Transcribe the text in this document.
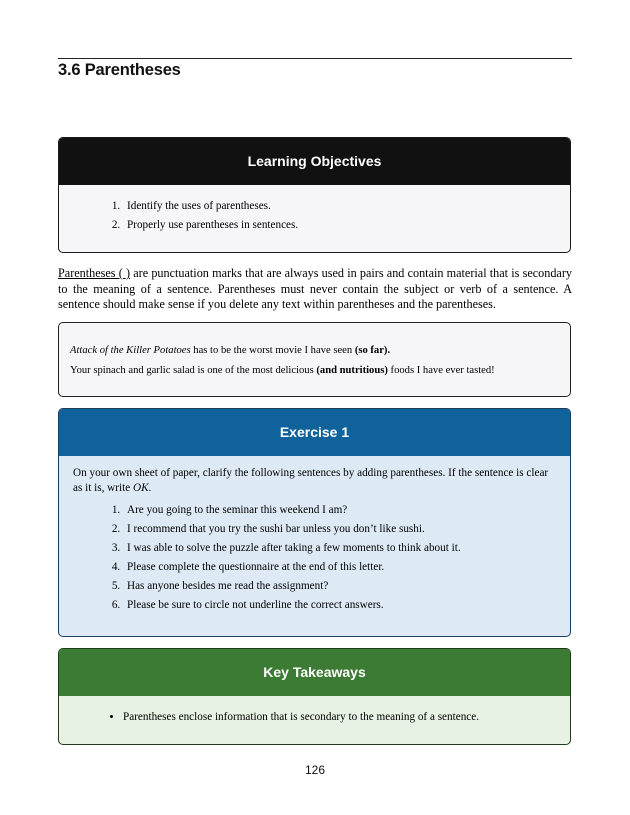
3.6 Parentheses
Learning Objectives
1. Identify the uses of parentheses.
2. Properly use parentheses in sentences.
Parentheses ( ) are punctuation marks that are always used in pairs and contain material that is secondary to the meaning of a sentence. Parentheses must never contain the subject or verb of a sentence. A sentence should make sense if you delete any text within parentheses and the parentheses.

Attack of the Killer Potatoes has to be the worst movie I have seen (so far).

Your spinach and garlic salad is one of the most delicious (and nutritious) foods I have ever tasted!

Exercise 1

On your own sheet of paper, clarify the following sentences by adding parentheses. If the sentence is clear as it is, write OK.

1. Are you going to the seminar this weekend I am?
2. I recommend that you try the sushi bar unless you don’t like sushi.
3. I was able to solve the puzzle after taking a few moments to think about it.
4. Please complete the questionnaire at the end of this letter.
5. Has anyone besides me read the assignment?
6. Please be sure to circle not underline the correct answers.
Key Takeaways
• Parentheses enclose information that is secondary to the meaning of a sentence.
126
